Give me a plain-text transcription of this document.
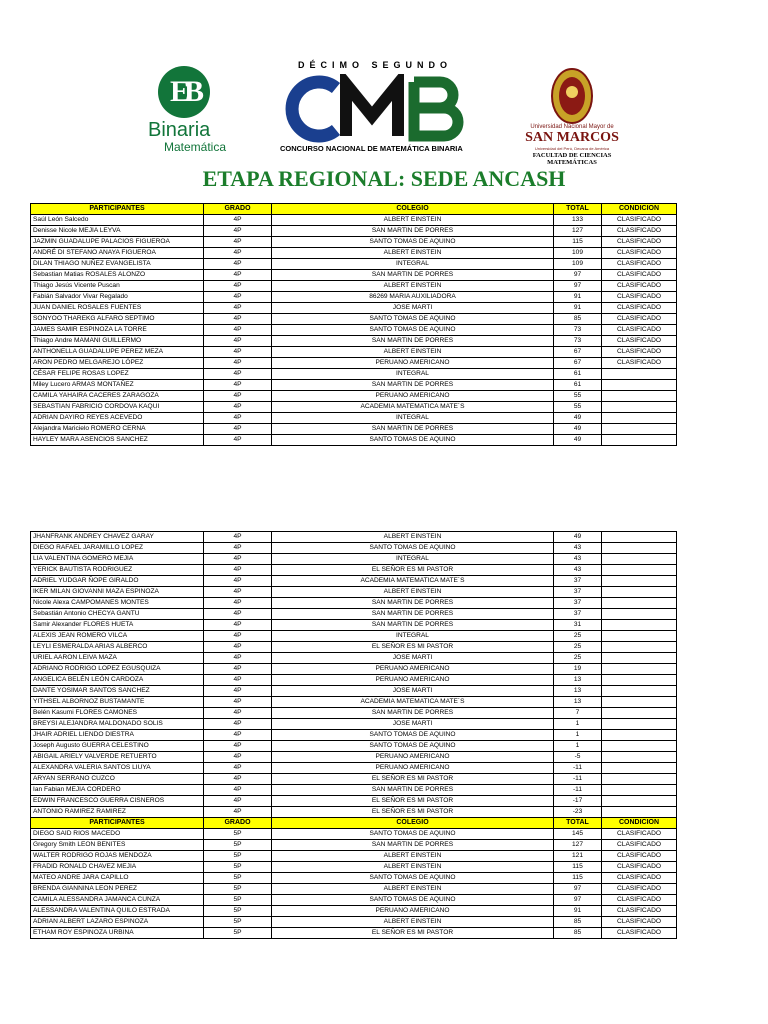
EB
Binaria
Matemática
DÉCIMO SEGUNDO
CONCURSO NACIONAL DE MATEMÁTICA BINARIA
Universidad Nacional Mayor de
SAN MARCOS
Universidad del Perú, Decana de América
FACULTAD DE CIENCIAS MATEMÁTICAS
ETAPA REGIONAL: SEDE ANCASH
PARTICIPANTES	GRADO	COLEGIO	TOTAL	CONDICION
Saúl León Salcedo	4P	ALBERT EINSTEIN	133	CLASIFICADO
Denisse Nicole MEJIA LEYVA	4P	SAN MARTIN DE PORRES	127	CLASIFICADO
JAZMIN GUADALUPE PALACIOS FIGUEROA	4P	SANTO TOMAS DE AQUINO	115	CLASIFICADO
ANDRÉ DI STEFANO ANAYA FIGUEROA	4P	ALBERT EINSTEIN	109	CLASIFICADO
DILAN THIAGO NUÑEZ EVANGELISTA	4P	INTEGRAL	109	CLASIFICADO
Sebastian Matias ROSALES ALONZO	4P	SAN MARTIN DE PORRES	97	CLASIFICADO
Thiago Jesús Vicente Puscan	4P	ALBERT EINSTEIN	97	CLASIFICADO
Fabián Salvador Vivar Regalado	4P	86269 MARIA AUXILIADORA	91	CLASIFICADO
JUAN DANIEL ROSALES FUENTES	4P	JOSE MARTI	91	CLASIFICADO
SONYOO THAREKG ALFARO SEPTIMO	4P	SANTO TOMAS DE AQUINO	85	CLASIFICADO
JAMES SAMIR ESPINOZA LA TORRE	4P	SANTO TOMAS DE AQUINO	73	CLASIFICADO
Thiago Andre MAMANI GUILLERMO	4P	SAN MARTIN DE PORRES	73	CLASIFICADO
ANTHONELLA GUADALUPE PEREZ MEZA	4P	ALBERT EINSTEIN	67	CLASIFICADO
ARON PEDRO MELGAREJO LÓPEZ	4P	PERUANO AMERICANO	67	CLASIFICADO
CÉSAR FELIPE ROSAS LOPEZ	4P	INTEGRAL	61	
Miley Lucero ARMAS MONTAÑEZ	4P	SAN MARTIN DE PORRES	61	
CAMILA YAHAIRA CACERES ZARAGOZA	4P	PERUANO AMERICANO	55	
SEBASTIAN FABRICIO CORDOVA KAQUI	4P	ACADEMIA MATEMATICA MATE´S	55	
ADRIAN DAYIRO REYES ACEVEDO	4P	INTEGRAL	49	
Alejandra Maricielo ROMERO CERNA	4P	SAN MARTIN DE PORRES	49	
HAYLEY MARA ASENCIOS SANCHEZ	4P	SANTO TOMAS DE AQUINO	49	
JHANFRANK ANDREY CHAVEZ GARAY	4P	ALBERT EINSTEIN	49	
DIEGO RAFAEL JARAMILLO LOPEZ	4P	SANTO TOMAS DE AQUINO	43	
LIA VALENTINA GOMERO MEJIA	4P	INTEGRAL	43	
YERICK BAUTISTA RODRIGUEZ	4P	EL SEÑOR ES MI PASTOR	43	
ADRIEL YUDGAR ÑOPE GIRALDO	4P	ACADEMIA MATEMATICA MATE´S	37	
IKER MILAN GIOVANNI MAZA ESPINOZA	4P	ALBERT EINSTEIN	37	
Nicole Alexa CAMPOMANES MONTES	4P	SAN MARTIN DE PORRES	37	
Sebastián Antonio CHECYA GANTU	4P	SAN MARTIN DE PORRES	37	
Samir Alexander FLORES HUETA	4P	SAN MARTIN DE PORRES	31	
ALEXIS JEAN ROMERO VILCA	4P	INTEGRAL	25	
LEYLI ESMERALDA ARIAS ALBERCO	4P	EL SEÑOR ES MI PASTOR	25	
URIEL AARON LEIVA MAZA	4P	JOSE MARTI	25	
ADRIANO RODRIGO LOPEZ EGUSQUIZA	4P	PERUANO AMERICANO	19	
ANGELICA BELÉN LEÓN CARDOZA	4P	PERUANO AMERICANO	13	
DANTE YOSIMAR SANTOS SANCHEZ	4P	JOSE MARTI	13	
YITHSEL ALBORNOZ BUSTAMANTE	4P	ACADEMIA MATEMATICA MATE´S	13	
Belén Kasumi FLORES CAMONES	4P	SAN MARTIN DE PORRES	7	
BREYSI ALEJANDRA MALDONADO SOLIS	4P	JOSE MARTI	1	
JHAIR ADRIEL LIENDO DIESTRA	4P	SANTO TOMAS DE AQUINO	1	
Joseph Augusto GUERRA CELESTINO	4P	SANTO TOMAS DE AQUINO	1	
ABIGAIL ARIELY VALVERDE RETUERTO	4P	PERUANO AMERICANO	-5	
ALEXANDRA VALERIA SANTOS LIUYA	4P	PERUANO AMERICANO	-11	
ARYAN SERRANO CUZCO	4P	EL SEÑOR ES MI PASTOR	-11	
Ian Fabian MEJIA CORDERO	4P	SAN MARTIN DE PORRES	-11	
EDWIN FRANCESCO GUERRA CISNEROS	4P	EL SEÑOR ES MI PASTOR	-17	
ANTONIO RAMIREZ RAMIREZ	4P	EL SEÑOR ES MI PASTOR	-23	
PARTICIPANTES	GRADO	COLEGIO	TOTAL	CONDICION
DIEGO SAID RIOS MACEDO	5P	SANTO TOMAS DE AQUINO	145	CLASIFICADO
Gregory Smith LEON BENITES	5P	SAN MARTIN DE PORRES	127	CLASIFICADO
WALTER RODRIGO ROJAS MENDOZA	5P	ALBERT EINSTEIN	121	CLASIFICADO
FRADID RONALD CHAVEZ MEJIA	5P	ALBERT EINSTEIN	115	CLASIFICADO
MATEO ANDRE JARA CAPILLO	5P	SANTO TOMAS DE AQUINO	115	CLASIFICADO
BRENDA GIANNINA LEON PEREZ	5P	ALBERT EINSTEIN	97	CLASIFICADO
CAMILA ALESSANDRA JAMANCA CUNZA	5P	SANTO TOMAS DE AQUINO	97	CLASIFICADO
ALESSANDRA VALENTINA QUILO ESTRADA	5P	PERUANO AMERICANO	91	CLASIFICADO
ADRIAN ALBERT LAZARO ESPINOZA	5P	ALBERT EINSTEIN	85	CLASIFICADO
ETHAM ROY ESPINOZA URBINA	5P	EL SEÑOR ES MI PASTOR	85	CLASIFICADO
